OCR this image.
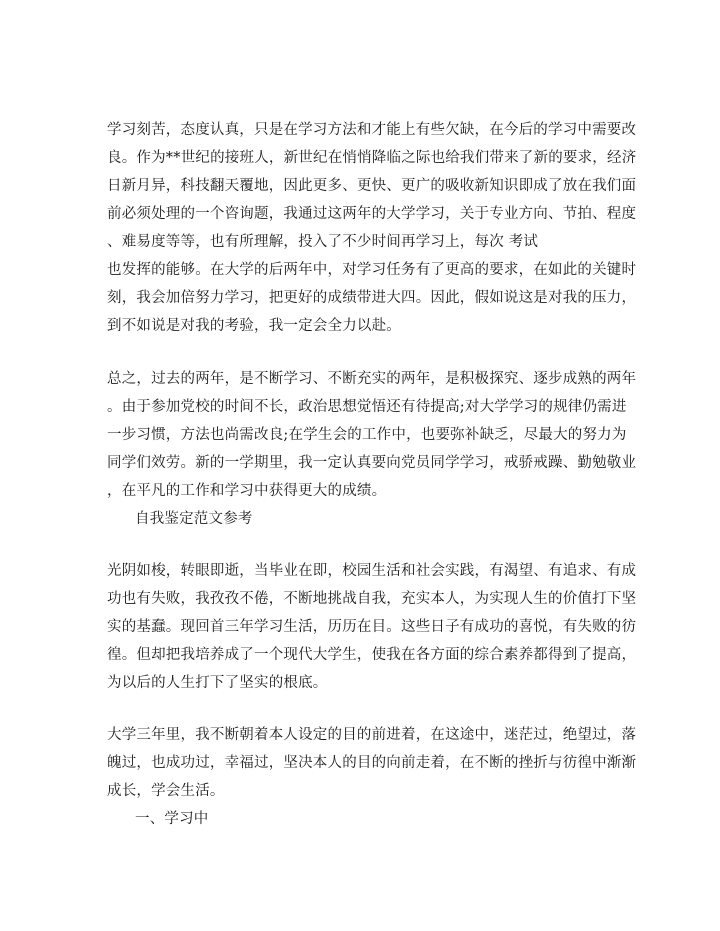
学习刻苦，态度认真，只是在学习方法和才能上有些欠缺，在今后的学习中需要改
良。作为**世纪的接班人，新世纪在悄悄降临之际也给我们带来了新的要求，经济
日新月异，科技翻天覆地，因此更多、更快、更广的吸收新知识即成了放在我们面
前必须处理的一个咨询题，我通过这两年的大学学习，关于专业方向、节拍、程度
、难易度等等，也有所理解，投入了不少时间再学习上，每次 考试
也发挥的能够。在大学的后两年中，对学习任务有了更高的要求，在如此的关键时
刻，我会加倍努力学习，把更好的成绩带进大四。因此，假如说这是对我的压力，
到不如说是对我的考验，我一定会全力以赴。
总之，过去的两年，是不断学习、不断充实的两年，是积极探究、逐步成熟的两年
。由于参加党校的时间不长，政治思想觉悟还有待提高;对大学学习的规律仍需进
一步习惯，方法也尚需改良;在学生会的工作中，也要弥补缺乏，尽最大的努力为
同学们效劳。新的一学期里，我一定认真要向党员同学学习，戒骄戒躁、勤勉敬业
，在平凡的工作和学习中获得更大的成绩。
自我鉴定范文参考
光阴如梭，转眼即逝，当毕业在即，校园生活和社会实践，有渴望、有追求、有成
功也有失败，我孜孜不倦，不断地挑战自我，充实本人，为实现人生的价值打下坚
实的基蠢。现回首三年学习生活，历历在目。这些日子有成功的喜悦，有失败的彷
徨。但却把我培养成了一个现代大学生，使我在各方面的综合素养都得到了提高，
为以后的人生打下了坚实的根底。
大学三年里，我不断朝着本人设定的目的前进着，在这途中，迷茫过，绝望过，落
魄过，也成功过，幸福过，坚决本人的目的向前走着，在不断的挫折与彷徨中渐渐
成长，学会生活。
一、学习中
